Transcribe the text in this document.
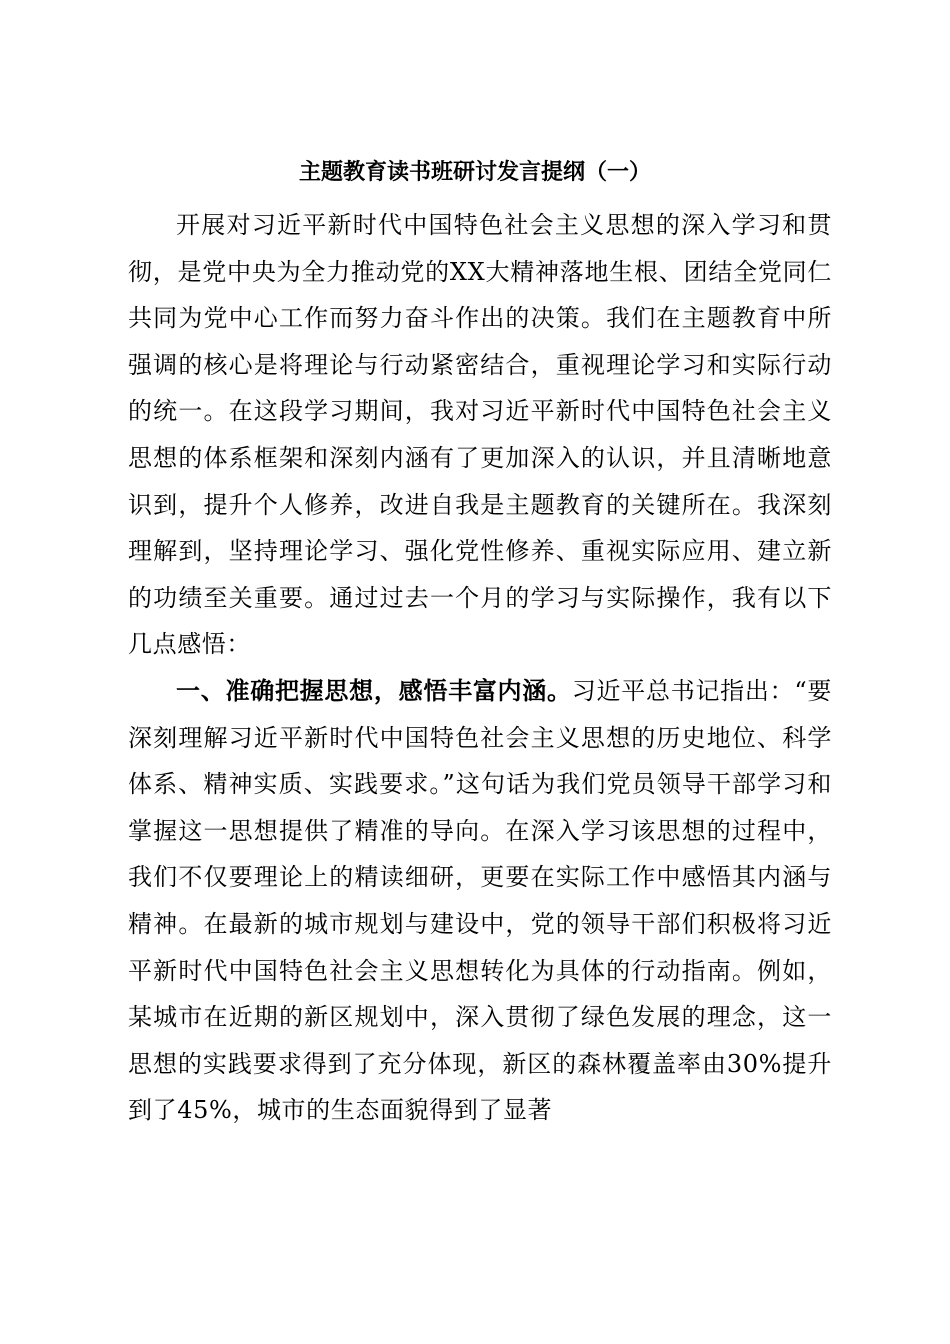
主题教育读书班研讨发言提纲（一）

开展对习近平新时代中国特色社会主义思想的深入学习和贯彻，是党中央为全力推动党的XX大精神落地生根、团结全党同仁共同为党中心工作而努力奋斗作出的决策。我们在主题教育中所强调的核心是将理论与行动紧密结合，重视理论学习和实际行动的统一。在这段学习期间，我对习近平新时代中国特色社会主义思想的体系框架和深刻内涵有了更加深入的认识，并且清晰地意识到，提升个人修养，改进自我是主题教育的关键所在。我深刻理解到，坚持理论学习、强化党性修养、重视实际应用、建立新的功绩至关重要。通过过去一个月的学习与实际操作，我有以下几点感悟：

一、准确把握思想，感悟丰富内涵。习近平总书记指出：“要深刻理解习近平新时代中国特色社会主义思想的历史地位、科学体系、精神实质、实践要求。”这句话为我们党员领导干部学习和掌握这一思想提供了精准的导向。在深入学习该思想的过程中，我们不仅要理论上的精读细研，更要在实际工作中感悟其内涵与精神。在最新的城市规划与建设中，党的领导干部们积极将习近平新时代中国特色社会主义思想转化为具体的行动指南。例如，某城市在近期的新区规划中，深入贯彻了绿色发展的理念，这一思想的实践要求得到了充分体现，新区的森林覆盖率由30%提升到了45%，城市的生态面貌得到了显著
